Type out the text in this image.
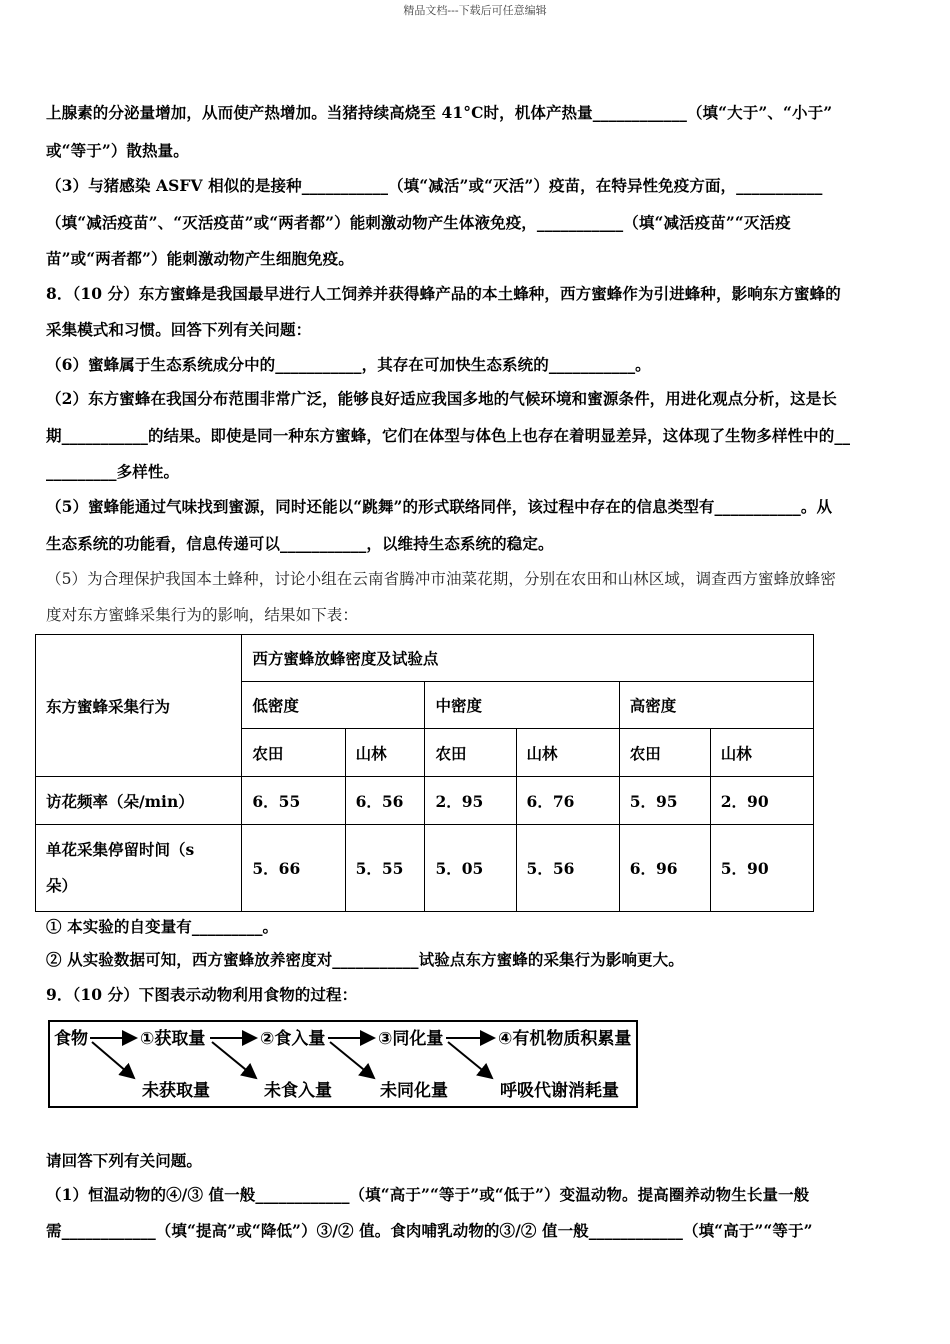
精品文档---下载后可任意编辑
上腺素的分泌量增加，从而使产热增加。当猪持续高烧至 41°C时，机体产热量____________（填“大于”、“小于”
或“等于”）散热量。
（3）与猪感染 ASFV 相似的是接种___________（填“减活”或“灭活”）疫苗，在特异性免疫方面，___________
（填“减活疫苗”、“灭活疫苗”或“两者都”）能刺激动物产生体液免疫，___________（填“减活疫苗”“灭活疫
苗”或“两者都”）能刺激动物产生细胞免疫。
8．（10 分）东方蜜蜂是我国最早进行人工饲养并获得蜂产品的本土蜂种，西方蜜蜂作为引进蜂种，影响东方蜜蜂的
采集模式和习惯。回答下列有关问题：
（6）蜜蜂属于生态系统成分中的___________，其存在可加快生态系统的___________。
（2）东方蜜蜂在我国分布范围非常广泛，能够良好适应我国多地的气候环境和蜜源条件，用进化观点分析，这是长
期___________的结果。即使是同一种东方蜜蜂，它们在体型与体色上也存在着明显差异，这体现了生物多样性中的__
_________多样性。
（5）蜜蜂能通过气味找到蜜源，同时还能以“跳舞”的形式联络同伴，该过程中存在的信息类型有___________。从
生态系统的功能看，信息传递可以___________，以维持生态系统的稳定。
（5）为合理保护我国本土蜂种，讨论小组在云南省腾冲市油菜花期，分别在农田和山林区域，调查西方蜜蜂放蜂密
度对东方蜜蜂采集行为的影响，结果如下表：
东方蜜蜂采集行为	西方蜜蜂放蜂密度及试验点					
	低密度		中密度		高密度	
	农田	山林	农田	山林	农田	山林
访花频率（朵/min）	6．55	6．56	2．95	6．76	5．95	2．90
单花采集停留时间（s
朵）	5．66	5．55	5．05	5．56	6．96	5．90
① 本实验的自变量有_________。
② 从实验数据可知，西方蜜蜂放养密度对___________试验点东方蜜蜂的采集行为影响更大。
9．（10 分）下图表示动物利用食物的过程：
食物	①获取量	②食入量	③同化量	④有机物质积累量
未获取量	未食入量	未同化量	呼吸代谢消耗量
请回答下列有关问题。
（1）恒温动物的④/③ 值一般____________（填“高于”“等于”或“低于”）变温动物。提高圈养动物生长量一般
需____________（填“提高”或“降低”）③/② 值。食肉哺乳动物的③/② 值一般____________（填“高于”“等于”
